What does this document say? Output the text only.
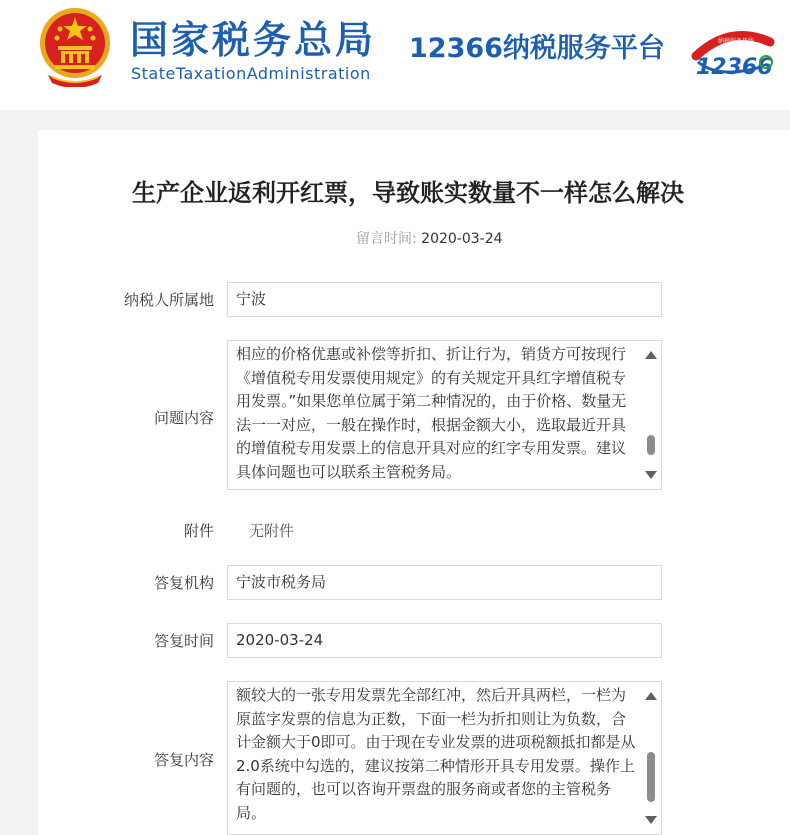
国家税务总局
StateTaxationAdministration
12366纳税服务平台	纳税服务热线
12366
生产企业返利开红票，导致账实数量不一样怎么解决
留言时间: 2020-03-24
纳税人所属地	宁波
问题内容
相应的价格优惠或补偿等折扣、折让行为，销货方可按现行《增值税专用发票使用规定》的有关规定开具红字增值税专用发票。”如果您单位属于第二种情况的，由于价格、数量无法一一对应，一般在操作时，根据金额大小，选取最近开具的增值税专用发票上的信息开具对应的红字专用发票。建议具体问题也可以联系主管税务局。
附件 无附件
答复机构	宁波市税务局
答复时间	2020-03-24
答复内容
额较大的一张专用发票先全部红冲，然后开具两栏，一栏为原蓝字发票的信息为正数，下面一栏为折扣则让为负数，合计金额大于0即可。由于现在专业发票的进项税额抵扣都是从2.0系统中勾选的，建议按第二种情形开具专用发票。操作上有问题的，也可以咨询开票盘的服务商或者您的主管税务局。
